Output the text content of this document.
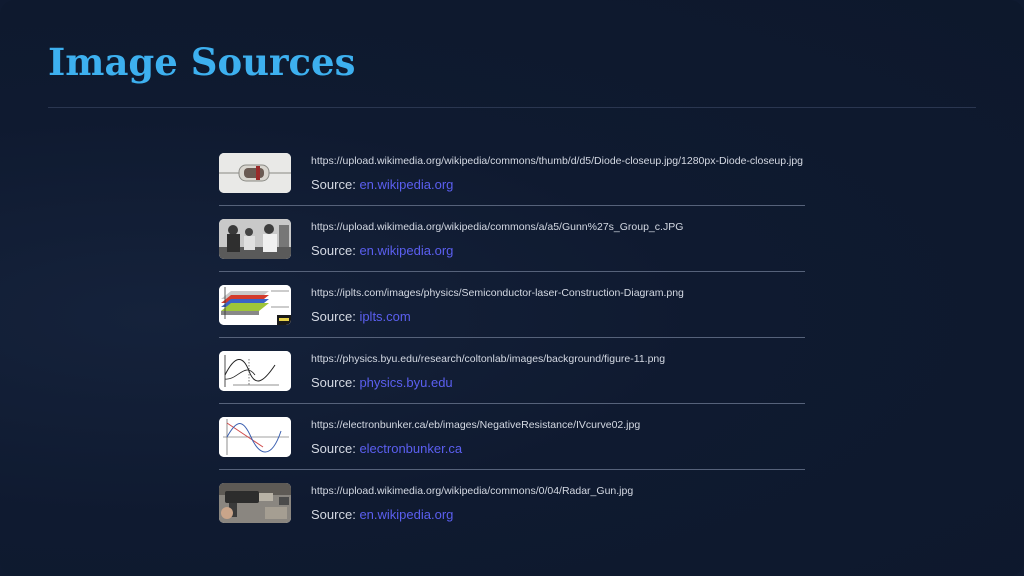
Image Sources
https://upload.wikimedia.org/wikipedia/commons/thumb/d/d5/Diode-closeup.jpg/1280px-Diode-closeup.jpg
Source: en.wikipedia.org
https://upload.wikimedia.org/wikipedia/commons/a/a5/Gunn%27s_Group_c.JPG
Source: en.wikipedia.org
https://iplts.com/images/physics/Semiconductor-laser-Construction-Diagram.png
Source: iplts.com
https://physics.byu.edu/research/coltonlab/images/background/figure-11.png
Source: physics.byu.edu
https://electronbunker.ca/eb/images/NegativeResistance/IVcurve02.jpg
Source: electronbunker.ca
https://upload.wikimedia.org/wikipedia/commons/0/04/Radar_Gun.jpg
Source: en.wikipedia.org
